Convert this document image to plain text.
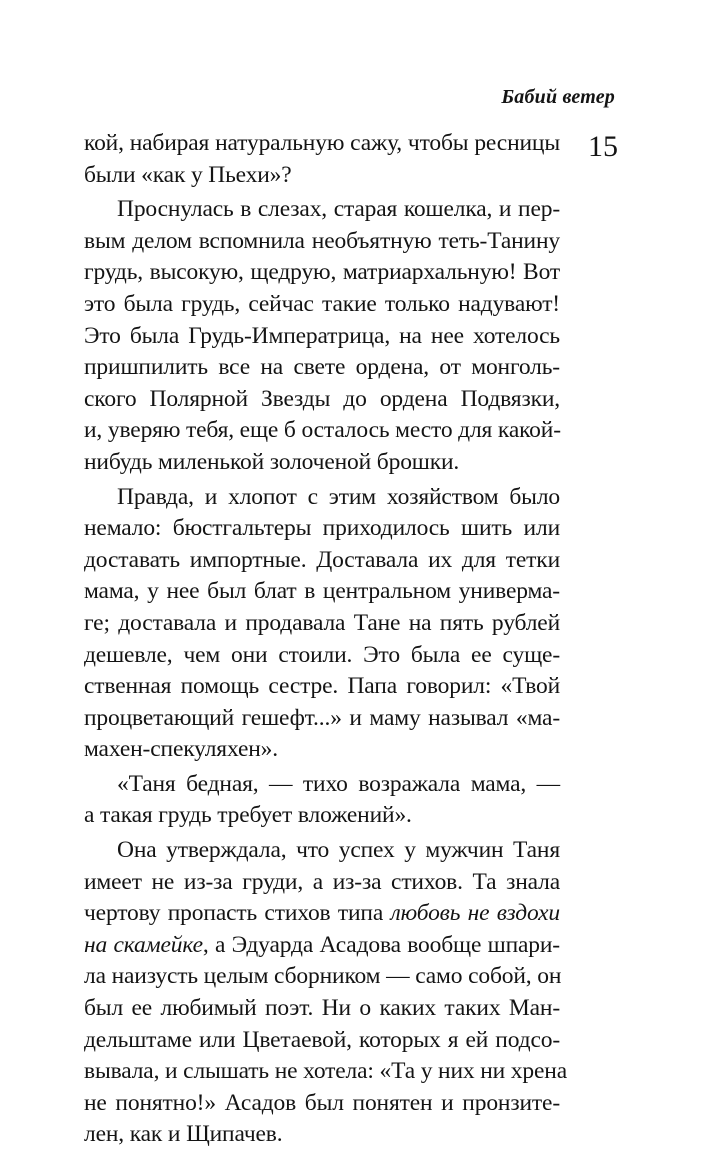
Бабий ветер
15
кой, набирая натуральную сажу, чтобы ресницы
были «как у Пьехи»?
Проснулась в слезах, старая кошелка, и пер-
вым делом вспомнила необъятную теть-Танину
грудь, высокую, щедрую, матриархальную! Вот
это была грудь, сейчас такие только надувают!
Это была Грудь-Императрица, на нее хотелось
пришпилить все на свете ордена, от монголь-
ского Полярной Звезды до ордена Подвязки,
и, уверяю тебя, еще б осталось место для какой-
нибудь миленькой золоченой брошки.
Правда, и хлопот с этим хозяйством было
немало: бюстгальтеры приходилось шить или
доставать импортные. Доставала их для тетки
мама, у нее был блат в центральном универма-
ге; доставала и продавала Тане на пять рублей
дешевле, чем они стоили. Это была ее суще-
ственная помощь сестре. Папа говорил: «Твой
процветающий гешефт...» и маму называл «ма-
махен-спекуляхен».
«Таня бедная, — тихо возражала мама, —
а такая грудь требует вложений».
Она утверждала, что успех у мужчин Таня
имеет не из-за груди, а из-за стихов. Та знала
чертову пропасть стихов типа любовь не вздохи
на скамейке, а Эдуарда Асадова вообще шпари-
ла наизусть целым сборником — само собой, он
был ее любимый поэт. Ни о каких таких Ман-
дельштаме или Цветаевой, которых я ей подсо-
вывала, и слышать не хотела: «Та у них ни хрена
не понятно!» Асадов был понятен и пронзите-
лен, как и Щипачев.
